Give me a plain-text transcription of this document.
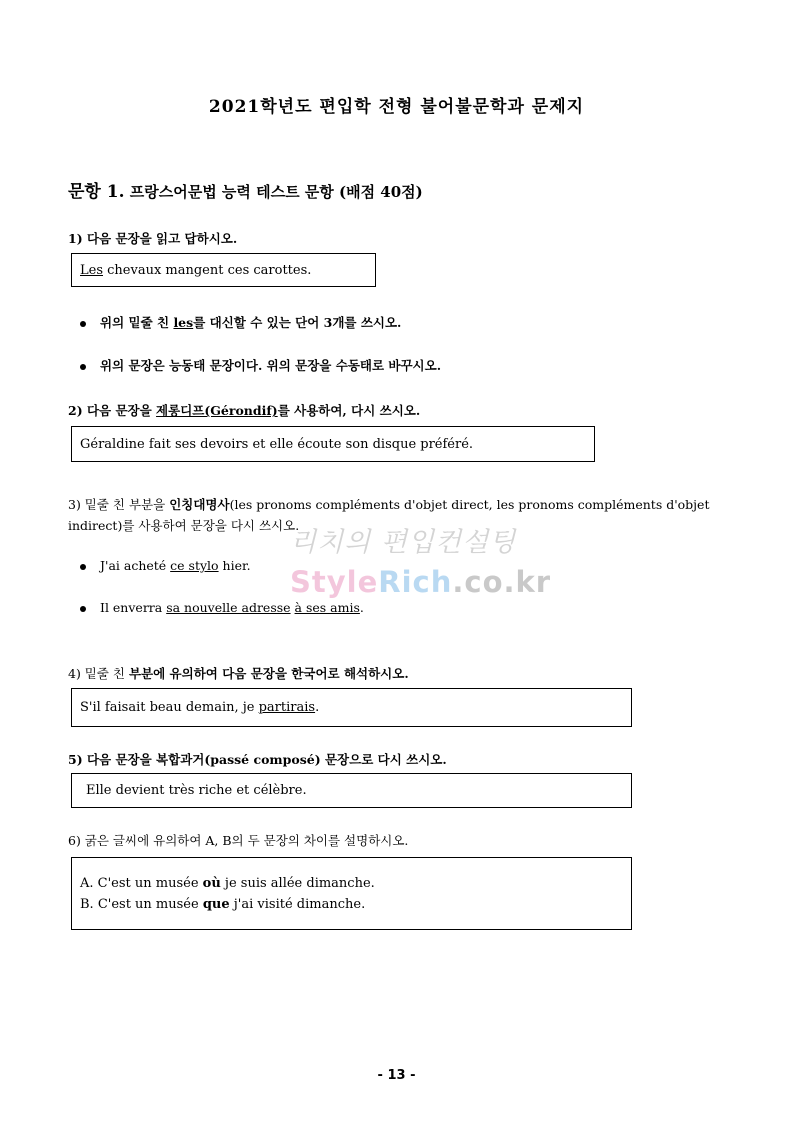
2021학년도 편입학 전형 불어불문학과 문제지
문항 1. 프랑스어문법 능력 테스트 문항 (배점 40점)
1) 다음 문장을 읽고 답하시오.
Les chevaux mangent ces carottes.
위의 밑줄 친 les를 대신할 수 있는 단어 3개를 쓰시오.
위의 문장은 능동태 문장이다. 위의 문장을 수동태로 바꾸시오.
2) 다음 문장을 제롱디프(Gérondif)를 사용하여, 다시 쓰시오.
Géraldine fait ses devoirs et elle écoute son disque préféré.
3) 밑줄 친 부분을 인칭대명사(les pronoms compléments d'objet direct, les pronoms compléments d'objet
indirect)를 사용하여 문장을 다시 쓰시오.
J'ai acheté ce stylo hier.
Il enverra sa nouvelle adresse à ses amis.
리치의 편입컨설팅
StyleRich.co.kr
4) 밑줄 친 부분에 유의하여 다음 문장을 한국어로 해석하시오.
S'il faisait beau demain, je partirais.
5) 다음 문장을 복합과거(passé composé) 문장으로 다시 쓰시오.
Elle devient très riche et célèbre.
6) 굵은 글씨에 유의하여 A, B의 두 문장의 차이를 설명하시오.
A. C'est un musée où je suis allée dimanche.
B. C'est un musée que j'ai visité dimanche.
- 13 -
